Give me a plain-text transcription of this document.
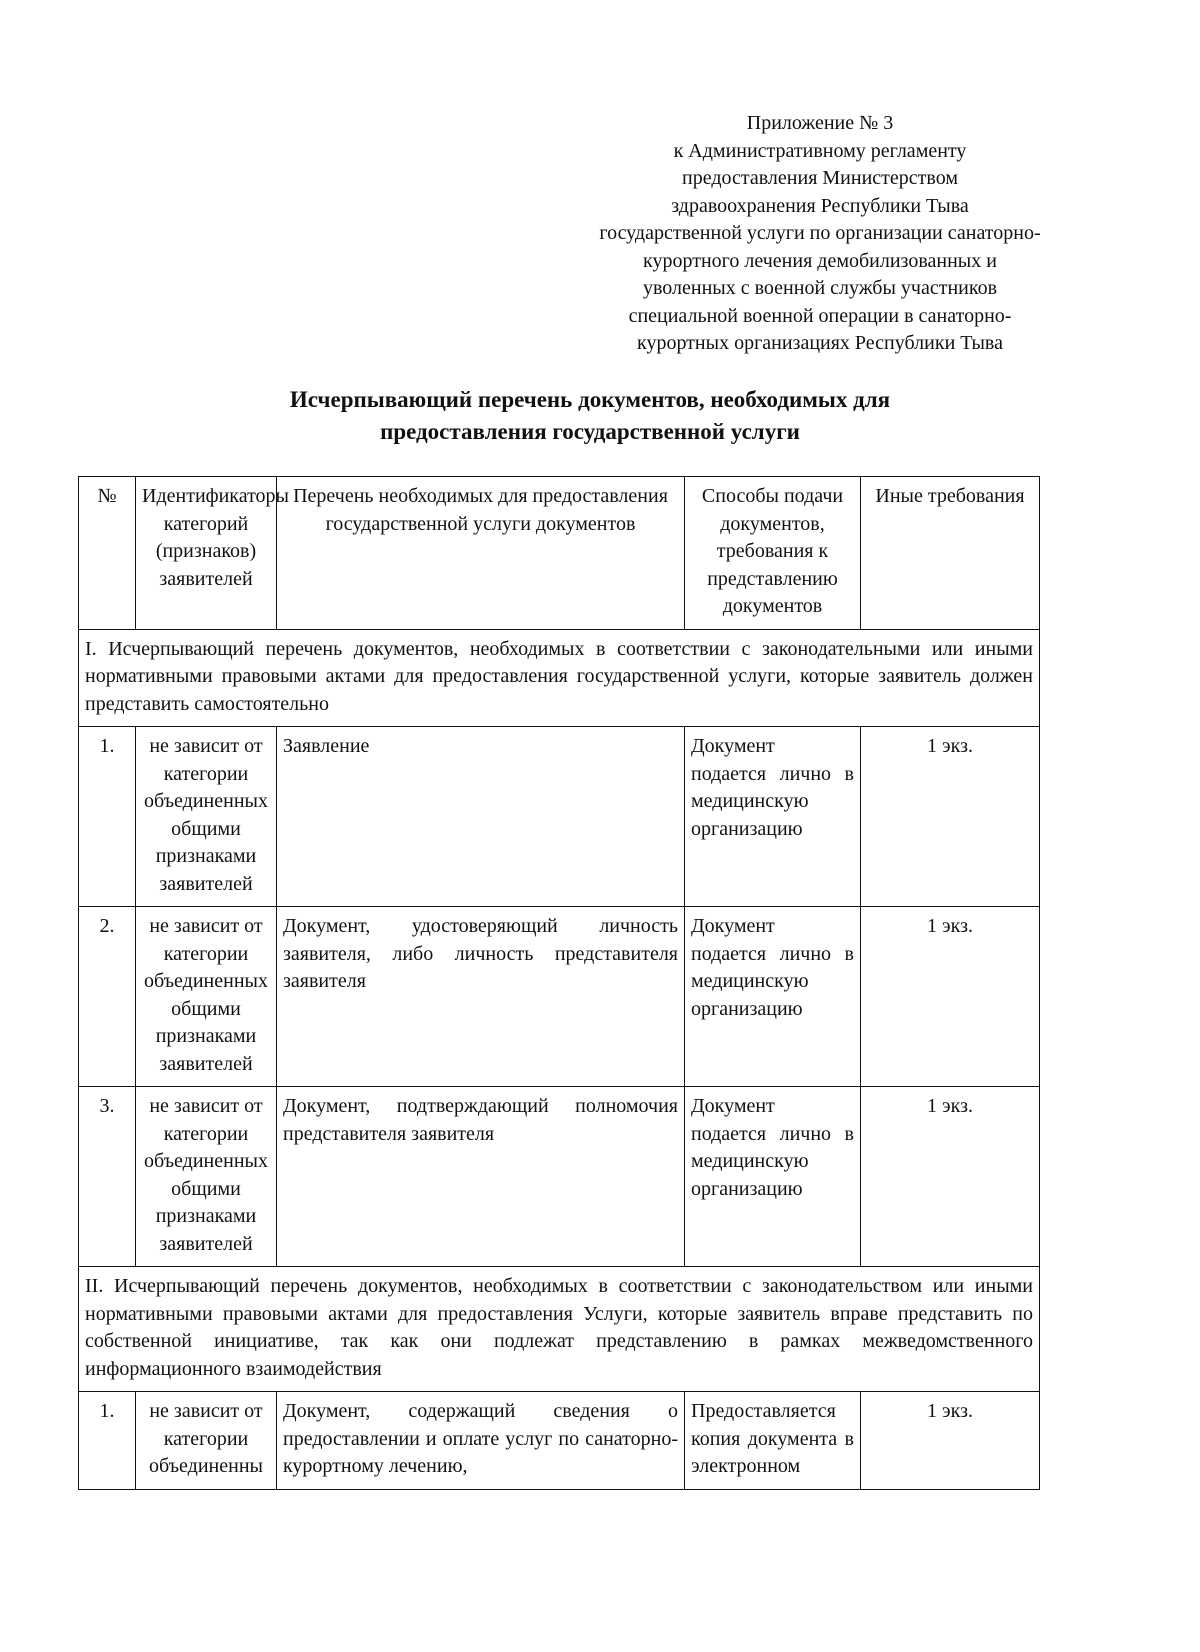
Приложение № 3
к Административному регламенту
предоставления Министерством
здравоохранения Республики Тыва
государственной услуги по организации санаторно-
курортного лечения демобилизованных и
уволенных с военной службы участников
специальной военной операции в санаторно-
курортных организациях Республики Тыва
Исчерпывающий перечень документов, необходимых для
предоставления государственной услуги
№	Идентификаторы категорий (признаков) заявителей	Перечень необходимых для предоставления государственной услуги документов	Способы подачи документов, требования к представлению документов	Иные требования
I. Исчерпывающий перечень документов, необходимых в соответствии с законодательными или иными нормативными правовыми актами для предоставления государственной услуги, которые заявитель должен представить самостоятельно				
1.	не зависит от категории объединенных общими признаками заявителей	Заявление	Документ подается лично в медицинскую организацию	1 экз.
2.	не зависит от категории объединенных общими признаками заявителей	Документ, удостоверяющий личность заявителя, либо личность представителя заявителя	Документ подается лично в медицинскую организацию	1 экз.
3.	не зависит от категории объединенных общими признаками заявителей	Документ, подтверждающий полномочия представителя заявителя	Документ подается лично в медицинскую организацию	1 экз.
II. Исчерпывающий перечень документов, необходимых в соответствии с законодательством или иными нормативными правовыми актами для предоставления Услуги, которые заявитель вправе представить по собственной инициативе, так как они подлежат представлению в рамках межведомственного информационного взаимодействия				
1.	не зависит от категории объединенны	Документ, содержащий сведения о предоставлении и оплате услуг по санаторно-курортному лечению,	Предоставляется копия документа в электронном	1 экз.
